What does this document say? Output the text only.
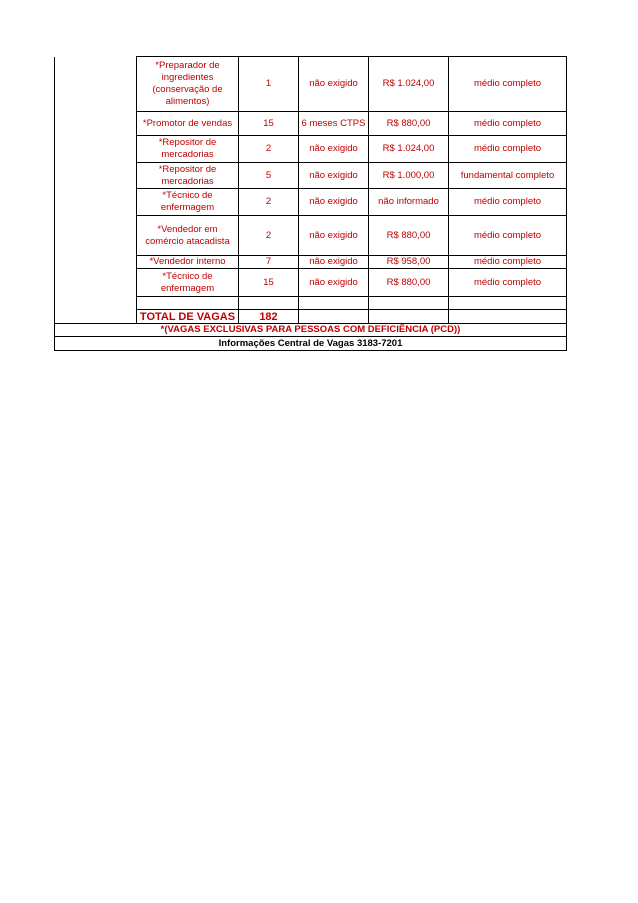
	*Preparador de ingredientes (conservação de alimentos)	1	não exigido	R$ 1.024,00	médio completo
	*Promotor de vendas	15	6 meses CTPS	R$ 880,00	médio completo
	*Repositor de mercadorias	2	não exigido	R$ 1.024,00	médio completo
	*Repositor de mercadorias	5	não exigido	R$ 1.000,00	fundamental completo
	*Técnico de enfermagem	2	não exigido	não informado	médio completo
	*Vendedor em comércio atacadista	2	não exigido	R$ 880,00	médio completo
	*Vendedor interno	7	não exigido	R$ 958,00	médio completo
	*Técnico de enfermagem	15	não exigido	R$ 880,00	médio completo

	TOTAL DE VAGAS	182			
*(VAGAS EXCLUSIVAS PARA PESSOAS COM DEFICIÊNCIA (PCD))					
Informações Central de Vagas 3183-7201					
